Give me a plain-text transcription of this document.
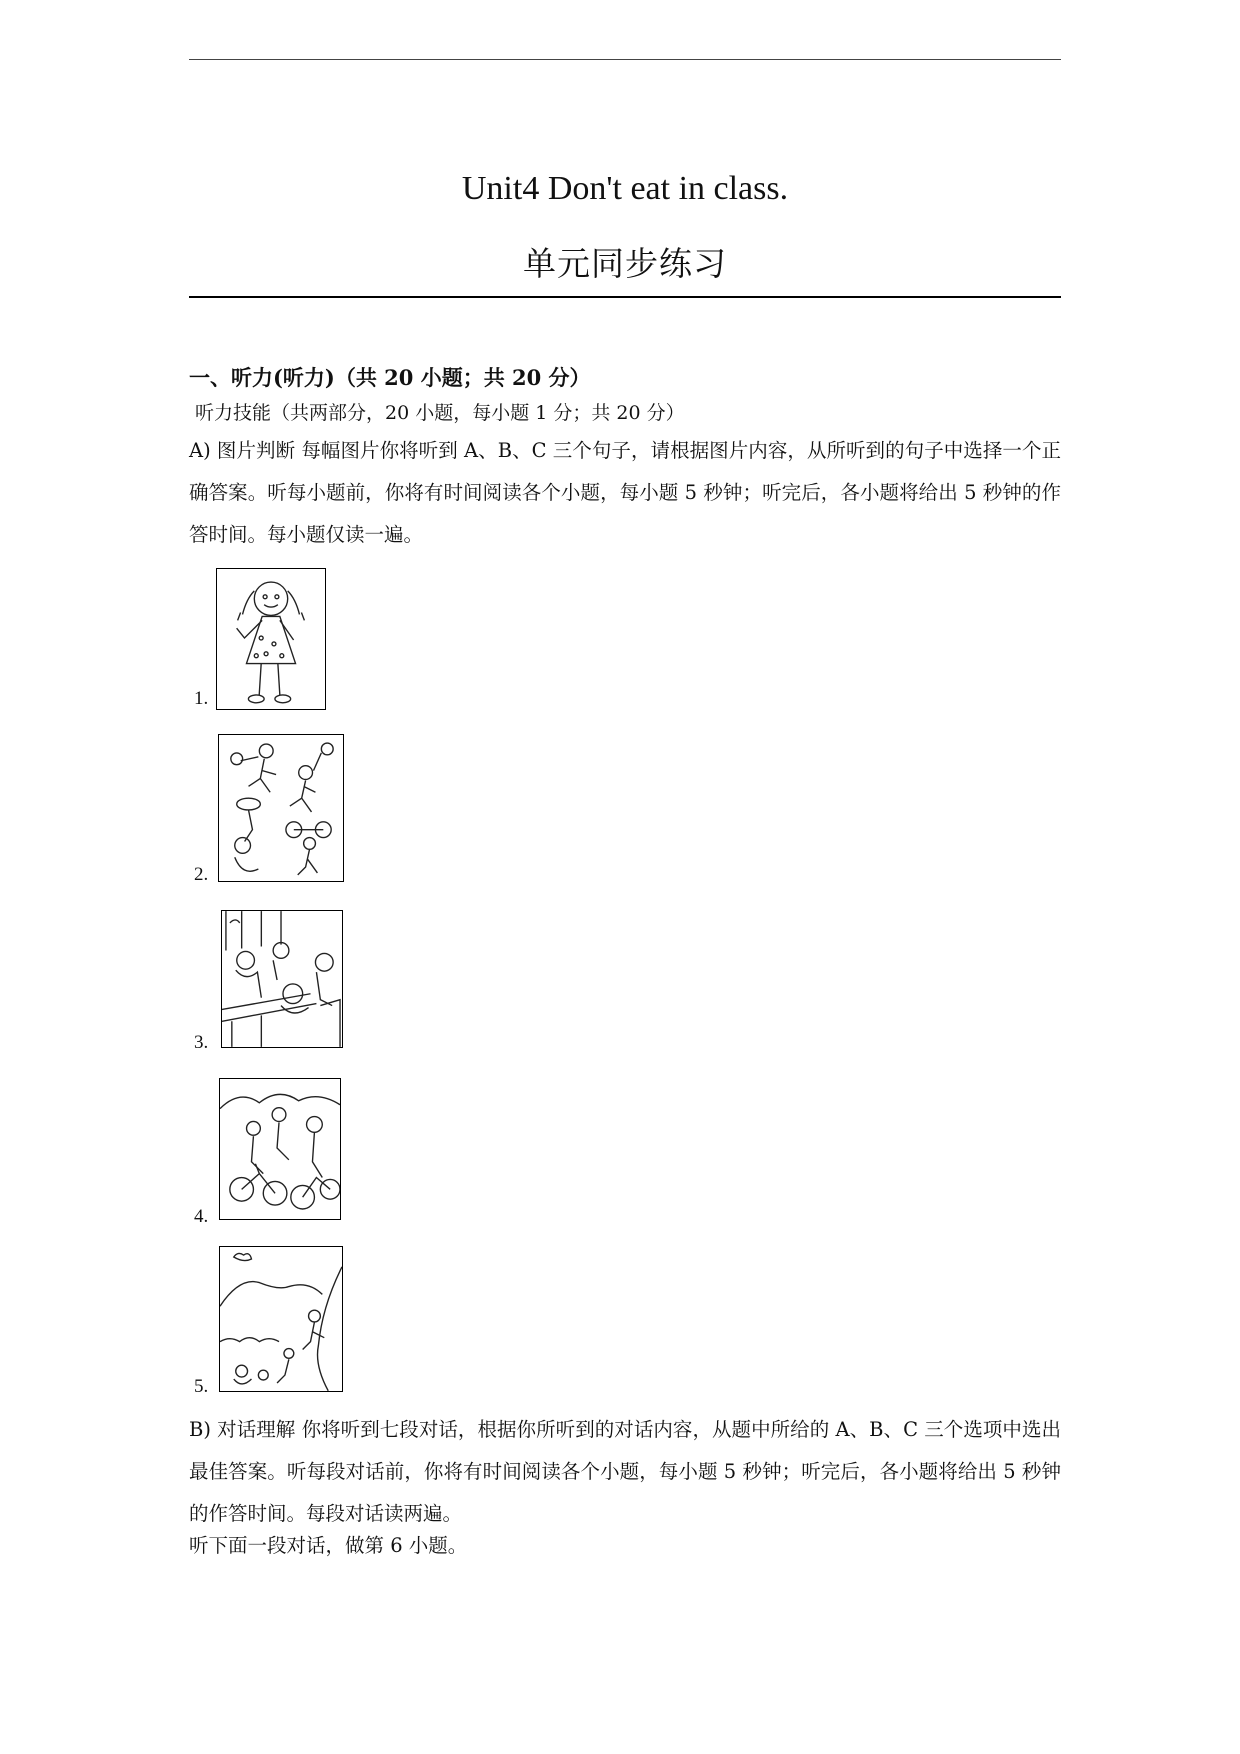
Unit4 Don't eat in class.
单元同步练习
一、听力(听力)（共 20 小题；共 20 分）
听力技能（共两部分，20 小题，每小题 1 分；共 20 分）
A) 图片判断 每幅图片你将听到 A、B、C 三个句子，请根据图片内容，从所听到的句子中选择一个正确答案。听每小题前，你将有时间阅读各个小题，每小题 5 秒钟；听完后，各小题将给出 5 秒钟的作答时间。每小题仅读一遍。
1.
2.
3.
4.
5.
B) 对话理解 你将听到七段对话，根据你所听到的对话内容，从题中所给的 A、B、C 三个选项中选出最佳答案。听每段对话前，你将有时间阅读各个小题，每小题 5 秒钟；听完后，各小题将给出 5 秒钟的作答时间。每段对话读两遍。
听下面一段对话，做第 6 小题。
